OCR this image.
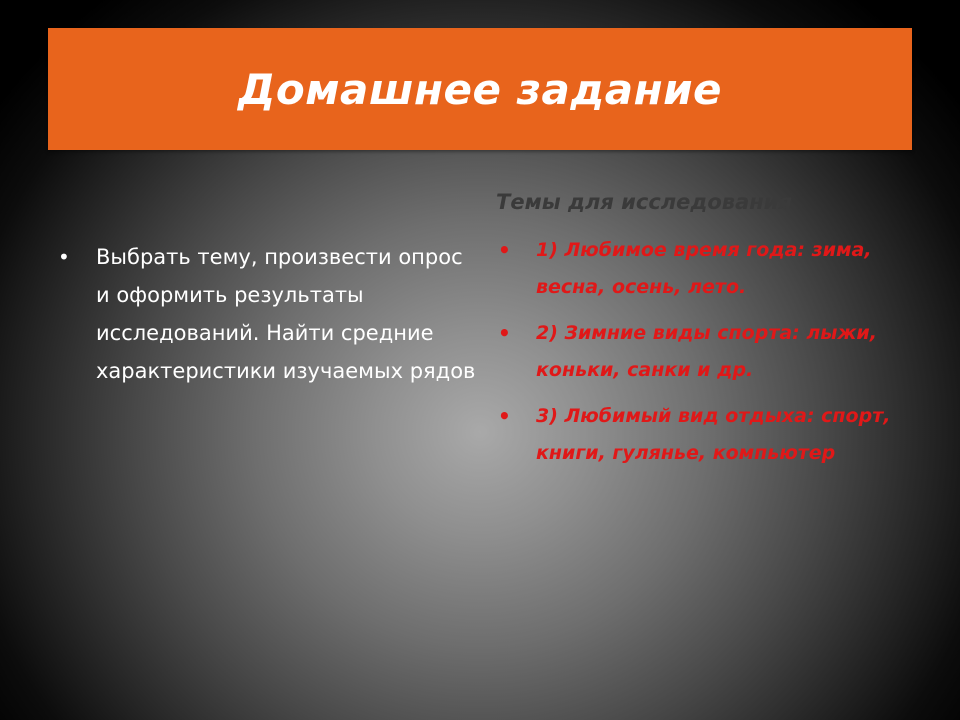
Домашнее задание
• Выбрать тему, произвести опрос и оформить результаты исследований. Найти средние характеристики изучаемых рядов
Темы для исследования
• 1) Любимое время года: зима, весна, осень, лето.
• 2) Зимние виды спорта: лыжи, коньки, санки и др.
• 3) Любимый вид отдыха: спорт, книги, гулянье, компьютер
